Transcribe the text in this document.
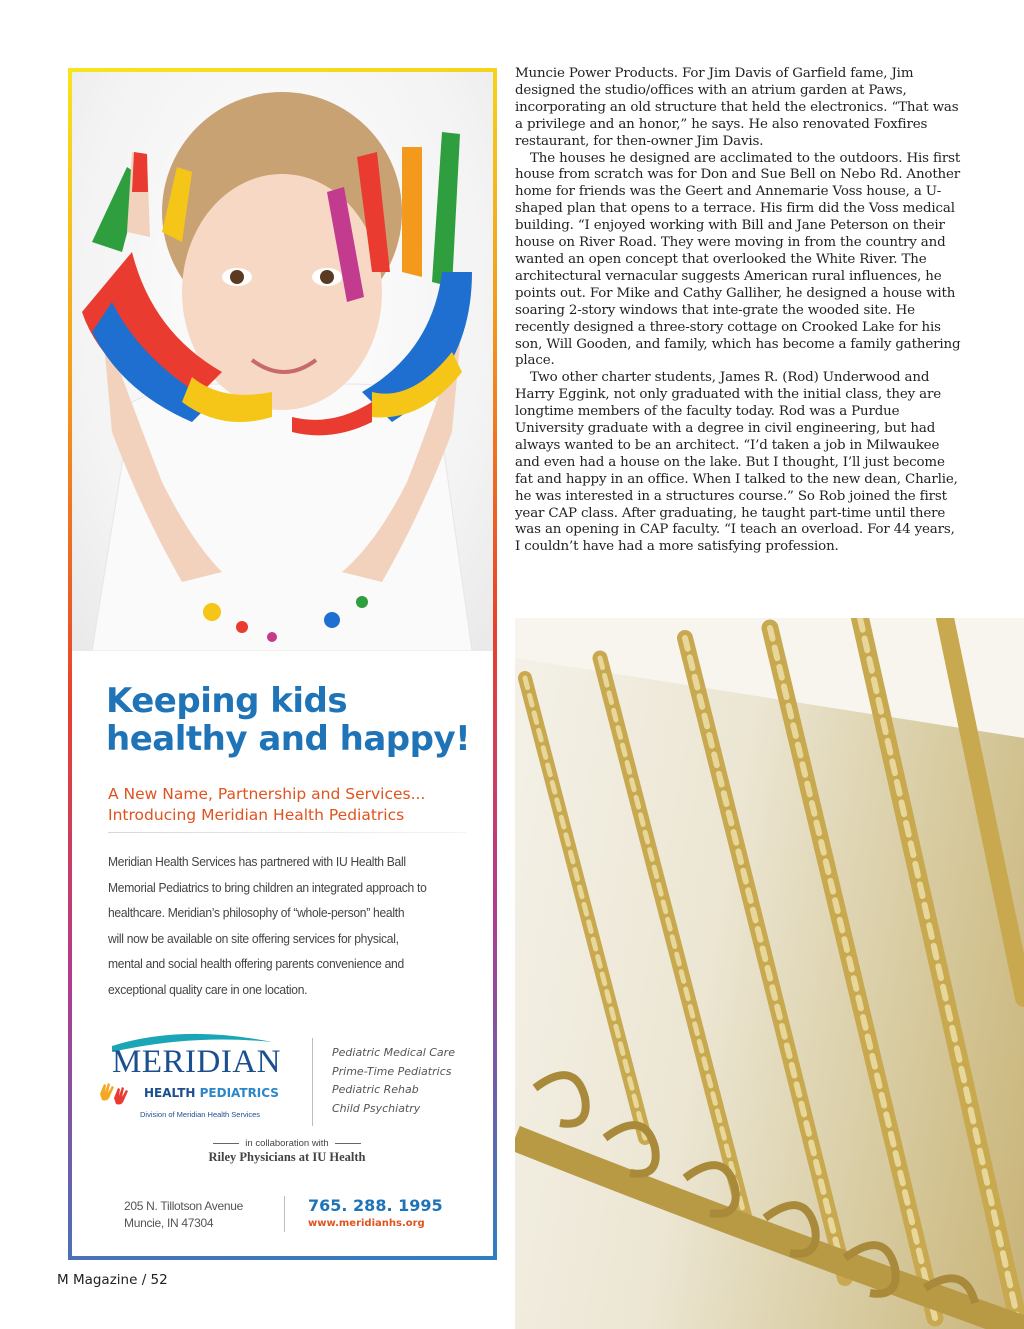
Keeping kids
healthy and happy!
A New Name, Partnership and Services...
Introducing Meridian Health Pediatrics
Meridian Health Services has partnered with IU Health Ball
Memorial Pediatrics to bring children an integrated approach to
healthcare. Meridian’s philosophy of “whole-person” health
will now be available on site offering services for physical,
mental and social health offering parents convenience and
exceptional quality care in one location.
MERIDIAN
HEALTH PEDIATRICS
Division of Meridian Health Services
Pediatric Medical Care
Prime-Time Pediatrics
Pediatric Rehab
Child Psychiatry
in collaboration with
Riley Physicians at IU Health
205 N. Tillotson Avenue
Muncie, IN 47304
765. 288. 1995
www.meridianhs.org

Muncie Power Products. For Jim Davis of Garfield fame, Jim designed the studio/offices with an atrium garden at Paws, incorporating an old structure that held the electronics. “That was a privilege and an honor,” he says. He also renovated Foxfires restaurant, for then-owner Jim Davis.

The houses he designed are acclimated to the outdoors. His first house from scratch was for Don and Sue Bell on Nebo Rd. Another home for friends was the Geert and Annemarie Voss house, a U-shaped plan that opens to a terrace. His firm did the Voss medical building. “I enjoyed working with Bill and Jane Peterson on their house on River Road. They were moving in from the country and wanted an open concept that overlooked the White River. The architectural vernacular suggests American rural influences, he points out. For Mike and Cathy Galliher, he designed a house with soaring 2-story windows that inte-grate the wooded site. He recently designed a three-story cottage on Crooked Lake for his son, Will Gooden, and family, which has become a family gathering place.

Two other charter students, James R. (Rod) Underwood and Harry Eggink, not only graduated with the initial class, they are longtime members of the faculty today. Rod was a Purdue University graduate with a degree in civil engineering, but had always wanted to be an architect. “I’d taken a job in Milwaukee and even had a house on the lake. But I thought, I’ll just become fat and happy in an office. When I talked to the new dean, Charlie, he was interested in a structures course.” So Rob joined the first year CAP class. After graduating, he taught part-time until there was an opening in CAP faculty. “I teach an overload. For 44 years, I couldn’t have had a more satisfying profession.

M Magazine / 52
